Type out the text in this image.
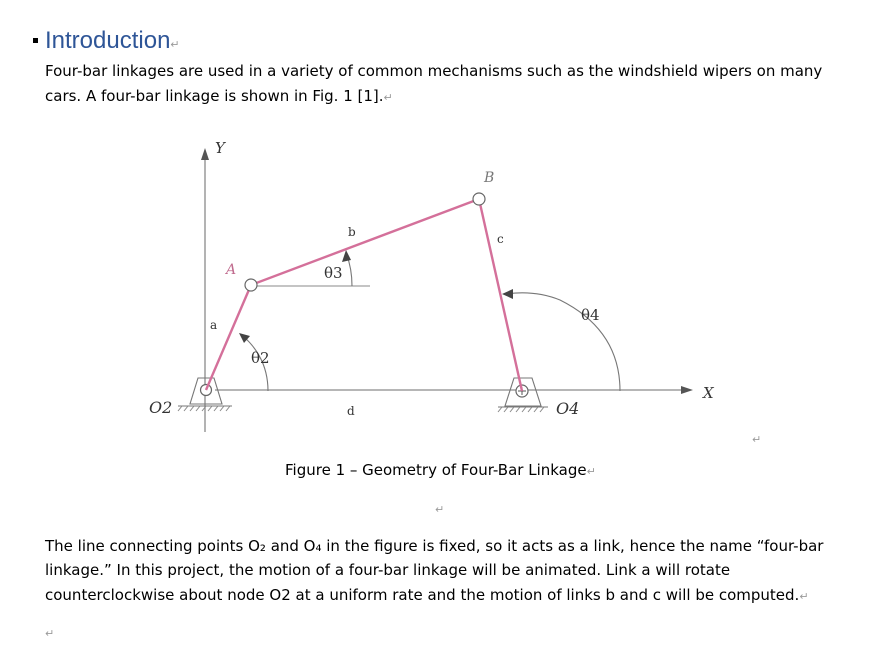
Introduction↵
Four-bar linkages are used in a variety of common mechanisms such as the windshield wipers on many
cars. A four-bar linkage is shown in Fig. 1 [1].↵
Y
X
A
B
a
b	c
d
θ2
θ3
θ4
O2	O4
↵
Figure 1 – Geometry of Four-Bar Linkage↵
↵
The line connecting points O₂ and O₄ in the figure is fixed, so it acts as a link, hence the name “four-bar
linkage.” In this project, the motion of a four-bar linkage will be animated. Link a will rotate
counterclockwise about node O2 at a uniform rate and the motion of links b and c will be computed.↵
↵
